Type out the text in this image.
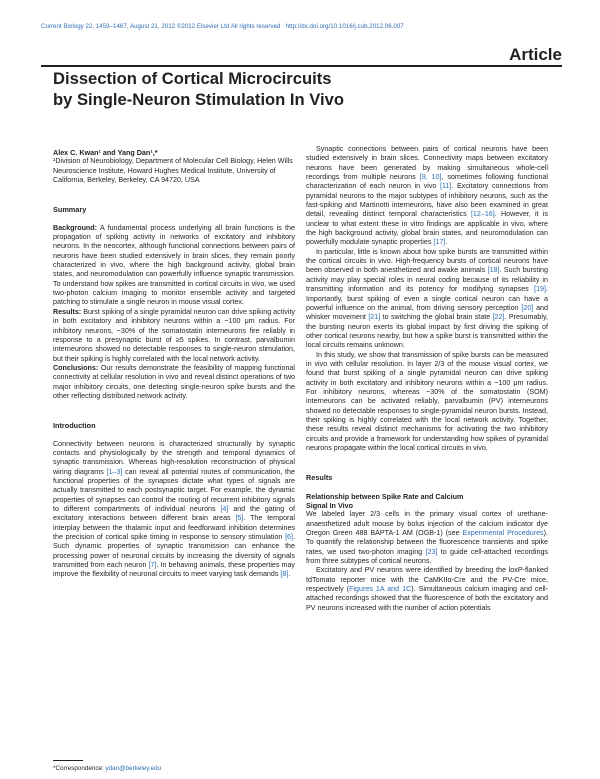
Current Biology 22, 1459–1467, August 21, 2012 ©2012 Elsevier Ltd All rights reserved http://dx.doi.org/10.1016/j.cub.2012.06.007
Article
Dissection of Cortical Microcircuits
by Single-Neuron Stimulation In Vivo
Alex C. Kwan¹ and Yang Dan¹,*
¹Division of Neurobiology, Department of Molecular Cell Biology, Helen Wills Neuroscience Institute, Howard Hughes Medical Institute, University of California, Berkeley, Berkeley, CA 94720, USA
Summary

Background: A fundamental process underlying all brain functions is the propagation of spiking activity in networks of excitatory and inhibitory neurons. In the neocortex, although functional connections between pairs of neurons have been studied extensively in brain slices, they remain poorly characterized in vivo, where the high background activity, global brain states, and neuromodulation can powerfully influence synaptic transmission. To understand how spikes are transmitted in cortical circuits in vivo, we used two-photon calcium imaging to monitor ensemble activity and targeted patching to stimulate a single neuron in mouse visual cortex.

Results: Burst spiking of a single pyramidal neuron can drive spiking activity in both excitatory and inhibitory neurons within a ~100 μm radius. For inhibitory neurons, ~30% of the somatostatin interneurons fire reliably in response to a presynaptic burst of ≥5 spikes. In contrast, parvalbumin interneurons showed no detectable responses to single-neuron stimulation, but their spiking is highly correlated with the local network activity.

Conclusions: Our results demonstrate the feasibility of mapping functional connectivity at cellular resolution in vivo and reveal distinct operations of two major inhibitory circuits, one detecting single-neuron spike bursts and the other reflecting distributed network activity.

Introduction

Connectivity between neurons is characterized structurally by synaptic contacts and physiologically by the strength and temporal dynamics of synaptic transmission. Whereas high-resolution reconstruction of physical wiring diagrams [1–3] can reveal all potential routes of communication, the functional properties of the synapses dictate what types of signals are actually transmitted to each postsynaptic target. For example, the dynamic properties of synapses can control the routing of recurrent inhibitory signals to different compartments of individual neurons [4] and the gating of excitatory interactions between different brain areas [5]. The temporal interplay between the thalamic input and feedforward inhibition determines the precision of cortical spike timing in response to sensory stimulation [6]. Such dynamic properties of synaptic transmission can enhance the processing power of neuronal circuits by increasing the diversity of signals transmitted from each neuron [7]. In behaving animals, these properties may improve the flexibility of neuronal circuits to meet varying task demands [8].

Synaptic connections between pairs of cortical neurons have been studied extensively in brain slices. Connectivity maps between excitatory neurons have been generated by making simultaneous whole-cell recordings from multiple neurons [9, 10], sometimes following functional characterization of each neuron in vivo [11]. Excitatory connections from pyramidal neurons to the major subtypes of inhibitory neurons, such as the fast-spiking and Martinotti interneurons, have also been examined in great detail, revealing distinct temporal characteristics [12–16]. However, it is unclear to what extent these in vitro findings are applicable in vivo, where the high background activity, global brain states, and neuromodulation can powerfully modulate synaptic properties [17].

In particular, little is known about how spike bursts are transmitted within the cortical circuits in vivo. High-frequency bursts of cortical neurons have been observed in both anesthetized and awake animals [18]. Such bursting activity may play special roles in neural coding because of its reliability in transmitting information and its potency for modifying synapses [19]. Importantly, burst spiking of even a single cortical neuron can have a powerful influence on the animal, from driving sensory perception [20] and whisker movement [21] to switching the global brain state [22]. Presumably, the bursting neuron exerts its global impact by first driving the spiking of other cortical neurons nearby, but how a spike burst is transmitted within the local circuits remains unknown.

In this study, we show that transmission of spike bursts can be measured in vivo with cellular resolution. In layer 2/3 of the mouse visual cortex, we found that burst spiking of a single pyramidal neuron can drive spiking activity in both excitatory and inhibitory neurons within a ~100 μm radius. For inhibitory neurons, whereas ~30% of the somatostatin (SOM) interneurons can be activated reliably, parvalbumin (PV) interneurons showed no detectable responses to single-pyramidal neuron bursts. Instead, their spiking is highly correlated with the local network activity. Together, these results reveal distinct mechanisms for activating the two inhibitory circuits and provide a framework for understanding how spikes of pyramidal neurons propagate within the local cortical circuits in vivo.

Results
Relationship between Spike Rate and Calcium
Signal In Vivo

We labeled layer 2/3 cells in the primary visual cortex of urethane-anaesthetized adult mouse by bolus injection of the calcium indicator dye Oregon Green 488 BAPTA-1 AM (OGB-1) (see Experimental Procedures). To quantify the relationship between the fluorescence transients and spike rates, we used two-photon imaging [23] to guide cell-attached recordings from three subtypes of cortical neurons.

Excitatory and PV neurons were identified by breeding the loxP-flanked tdTomato reporter mice with the CaMKIIα-Cre and the PV-Cre mice, respectively (Figures 1A and 1C). Simultaneous calcium imaging and cell-attached recordings showed that the fluorescence of both the excitatory and PV neurons increased with the number of action potentials

*Correspondence: ydan@berkeley.edu
